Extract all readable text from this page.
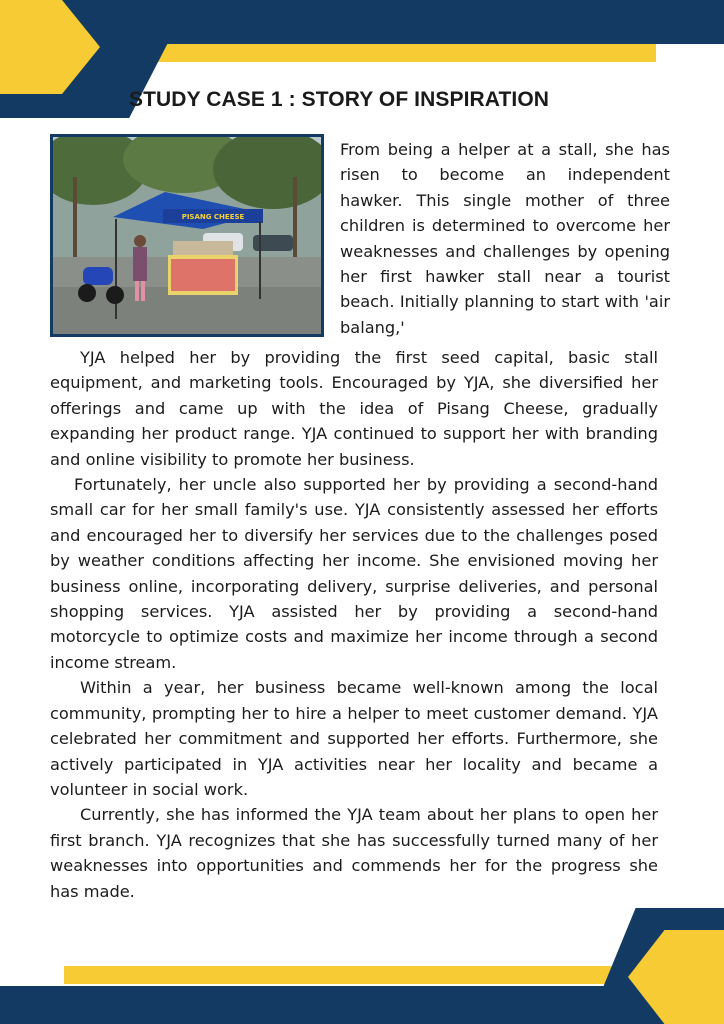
STUDY CASE 1 : STORY OF INSPIRATION
PISANG CHEESE

From being a helper at a stall, she has risen to become an independent hawker. This single mother of three children is determined to overcome her weaknesses and challenges by opening her first hawker stall near a tourist beach. Initially planning to start with 'air balang,'

YJA helped her by providing the first seed capital, basic stall equipment, and marketing tools. Encouraged by YJA, she diversified her offerings and came up with the idea of Pisang Cheese, gradually expanding her product range. YJA continued to support her with branding and online visibility to promote her business.

Fortunately, her uncle also supported her by providing a second-hand small car for her small family's use. YJA consistently assessed her efforts and encouraged her to diversify her services due to the challenges posed by weather conditions affecting her income. She envisioned moving her business online, incorporating delivery, surprise deliveries, and personal shopping services. YJA assisted her by providing a second-hand motorcycle to optimize costs and maximize her income through a second income stream.

Within a year, her business became well-known among the local community, prompting her to hire a helper to meet customer demand. YJA celebrated her commitment and supported her efforts. Furthermore, she actively participated in YJA activities near her locality and became a volunteer in social work.

Currently, she has informed the YJA team about her plans to open her first branch. YJA recognizes that she has successfully turned many of her weaknesses into opportunities and commends her for the progress she has made.
